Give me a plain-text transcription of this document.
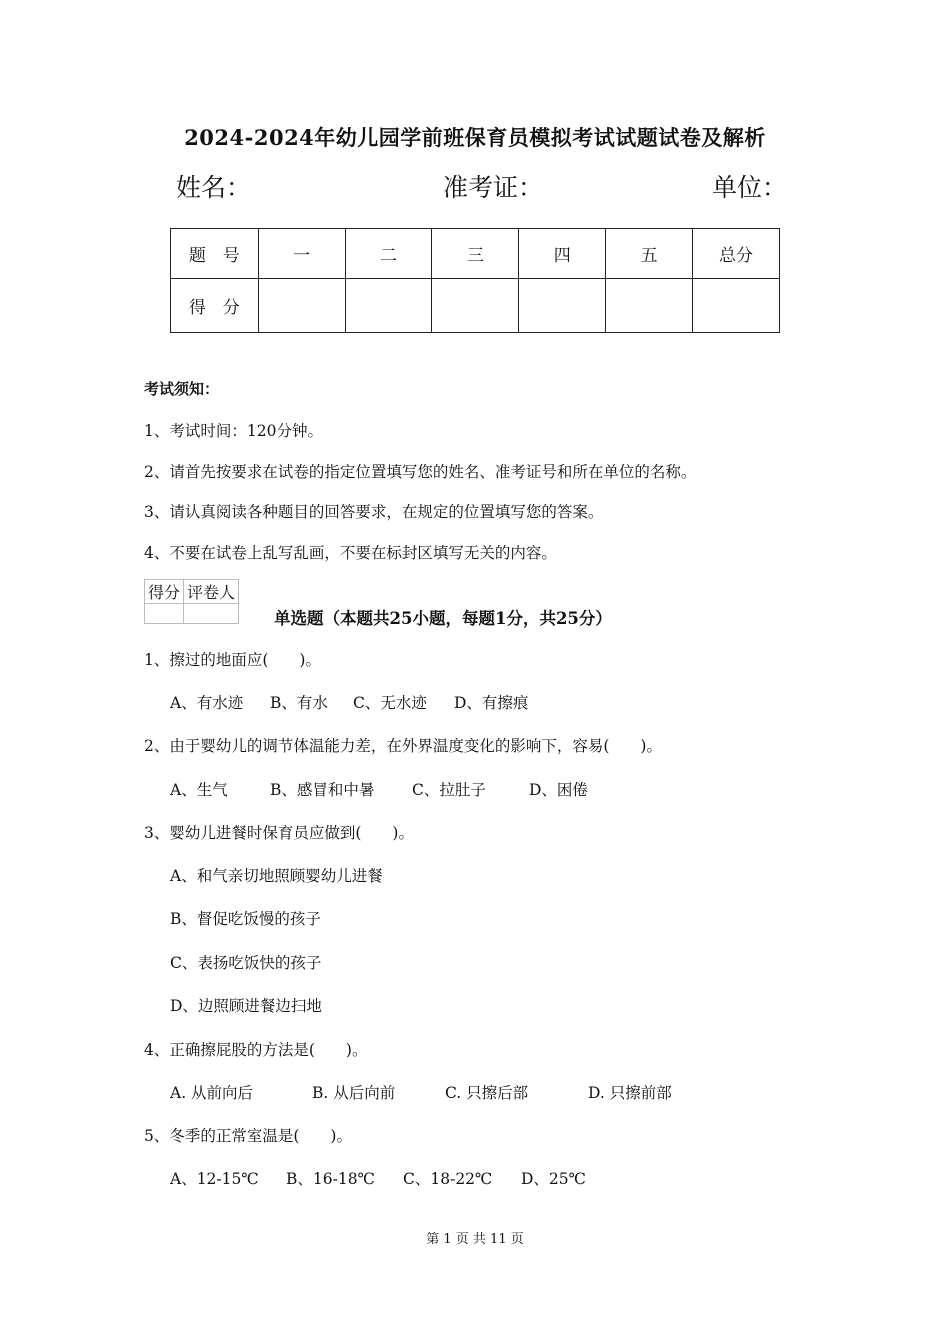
2024-2024年幼儿园学前班保育员模拟考试试题试卷及解析
姓名：	准考证：	单位：
题　号	一	二	三	四	五	总分
得　分						
考试须知：
1、考试时间：120分钟。
2、请首先按要求在试卷的指定位置填写您的姓名、准考证号和所在单位的名称。
3、请认真阅读各种题目的回答要求，在规定的位置填写您的答案。
4、不要在试卷上乱写乱画，不要在标封区填写无关的内容。
得分	评卷人

单选题（本题共25小题，每题1分，共25分）
1、擦过的地面应(　　)。
A、有水迹 B、有水 C、无水迹 D、有擦痕
2、由于婴幼儿的调节体温能力差，在外界温度变化的影响下，容易(　　)。
A、生气	B、感冒和中暑 C、拉肚子	D、困倦
3、婴幼儿进餐时保育员应做到(　　)。
A、和气亲切地照顾婴幼儿进餐
B、督促吃饭慢的孩子
C、表扬吃饭快的孩子
D、边照顾进餐边扫地
4、正确擦屁股的方法是(　　)。
A. 从前向后	B. 从后向前	C. 只擦后部	D. 只擦前部
5、冬季的正常室温是(　　)。
A、12-15℃ B、16-18℃ C、18-22℃ D、25℃
第 1 页 共 11 页
